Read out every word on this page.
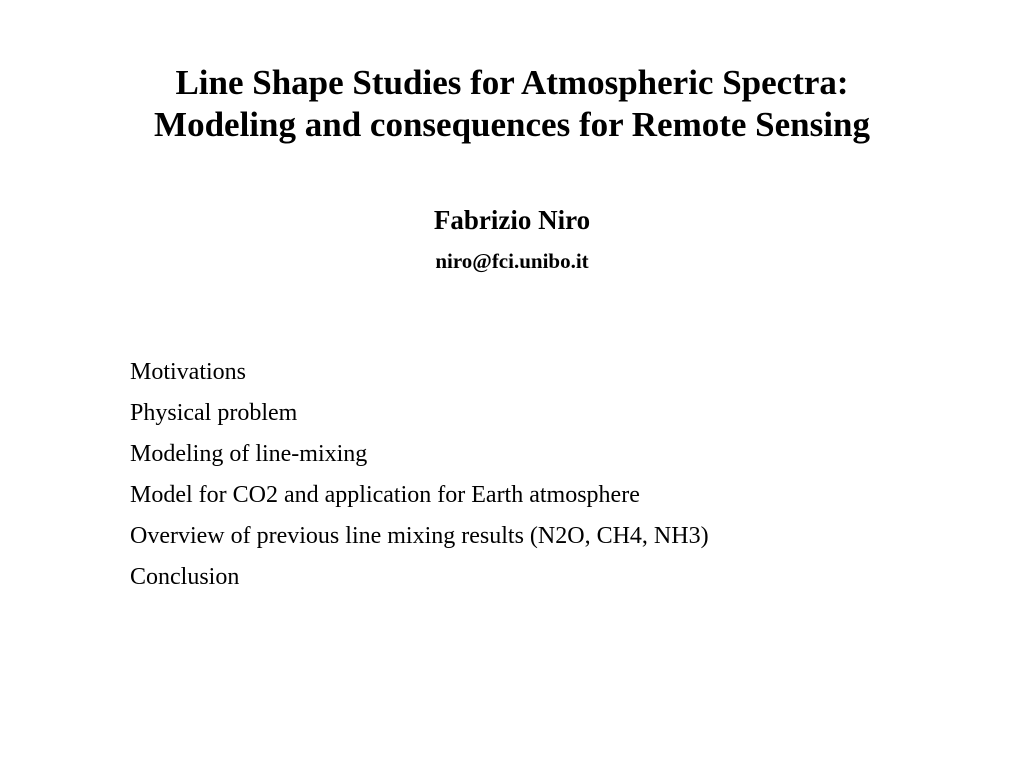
Line Shape Studies for Atmospheric Spectra:
Modeling and consequences for Remote Sensing
Fabrizio Niro
niro@fci.unibo.it
Motivations
Physical problem
Modeling of line-mixing
Model for CO2 and application for Earth atmosphere
Overview of previous line mixing results (N2O, CH4, NH3)
Conclusion
